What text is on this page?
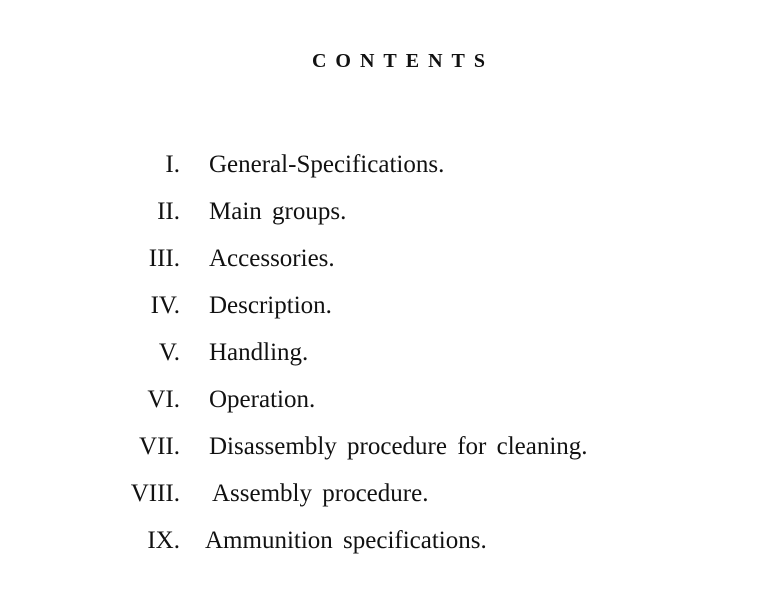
CONTENTS
I. General-Specifications.
II. Main groups.
III. Accessories.
IV. Description.
V. Handling.
VI. Operation.
VII. Disassembly procedure for cleaning.
VIII. Assembly procedure.
IX. Ammunition specifications.
